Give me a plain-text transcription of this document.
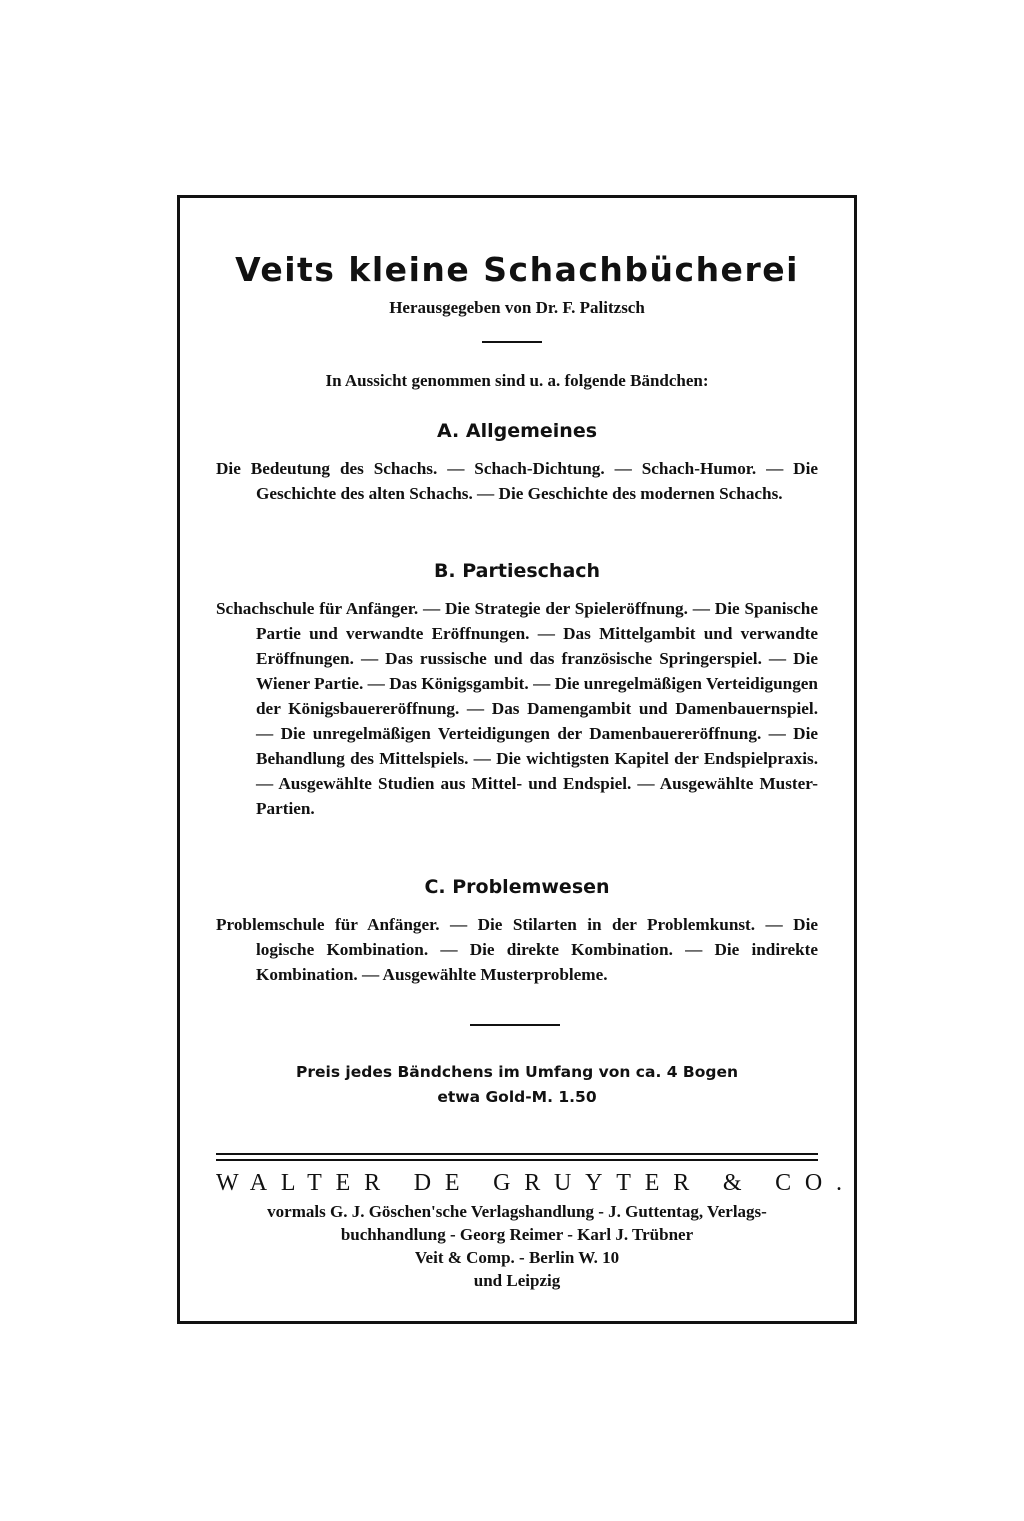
Veits kleine Schachbücherei

Herausgegeben von Dr. F. Palitzsch

In Aussicht genommen sind u. a. folgende Bändchen:

A. Allgemeines

Die Bedeutung des Schachs. — Schach-Dichtung. — Schach-Humor. — Die Geschichte des alten Schachs. — Die Geschichte des modernen Schachs.

B. Partieschach

Schachschule für Anfänger. — Die Strategie der Spieleröffnung. — Die Spanische Partie und verwandte Eröffnungen. — Das Mittelgambit und verwandte Eröffnungen. — Das russische und das französische Springerspiel. — Die Wiener Partie. — Das Königsgambit. — Die unregelmäßigen Verteidigungen der Königsbauereröffnung. — Das Damengambit und Damenbauernspiel. — Die unregelmäßigen Verteidigungen der Damenbauereröffnung. — Die Behandlung des Mittelspiels. — Die wichtigsten Kapitel der Endspielpraxis. — Ausgewählte Studien aus Mittel- und Endspiel. — Ausgewählte Muster-Partien.

C. Problemwesen

Problemschule für Anfänger. — Die Stilarten in der Problemkunst. — Die logische Kombination. — Die direkte Kombination. — Die indirekte Kombination. — Ausgewählte Musterprobleme.

Preis jedes Bändchens im Umfang von ca. 4 Bogen
etwa Gold-M. 1.50

WALTER DE GRUYTER & CO.

vormals G. J. Göschen'sche Verlagshandlung - J. Guttentag, Verlags-
buchhandlung - Georg Reimer - Karl J. Trübner
Veit & Comp. - Berlin W. 10
und Leipzig
